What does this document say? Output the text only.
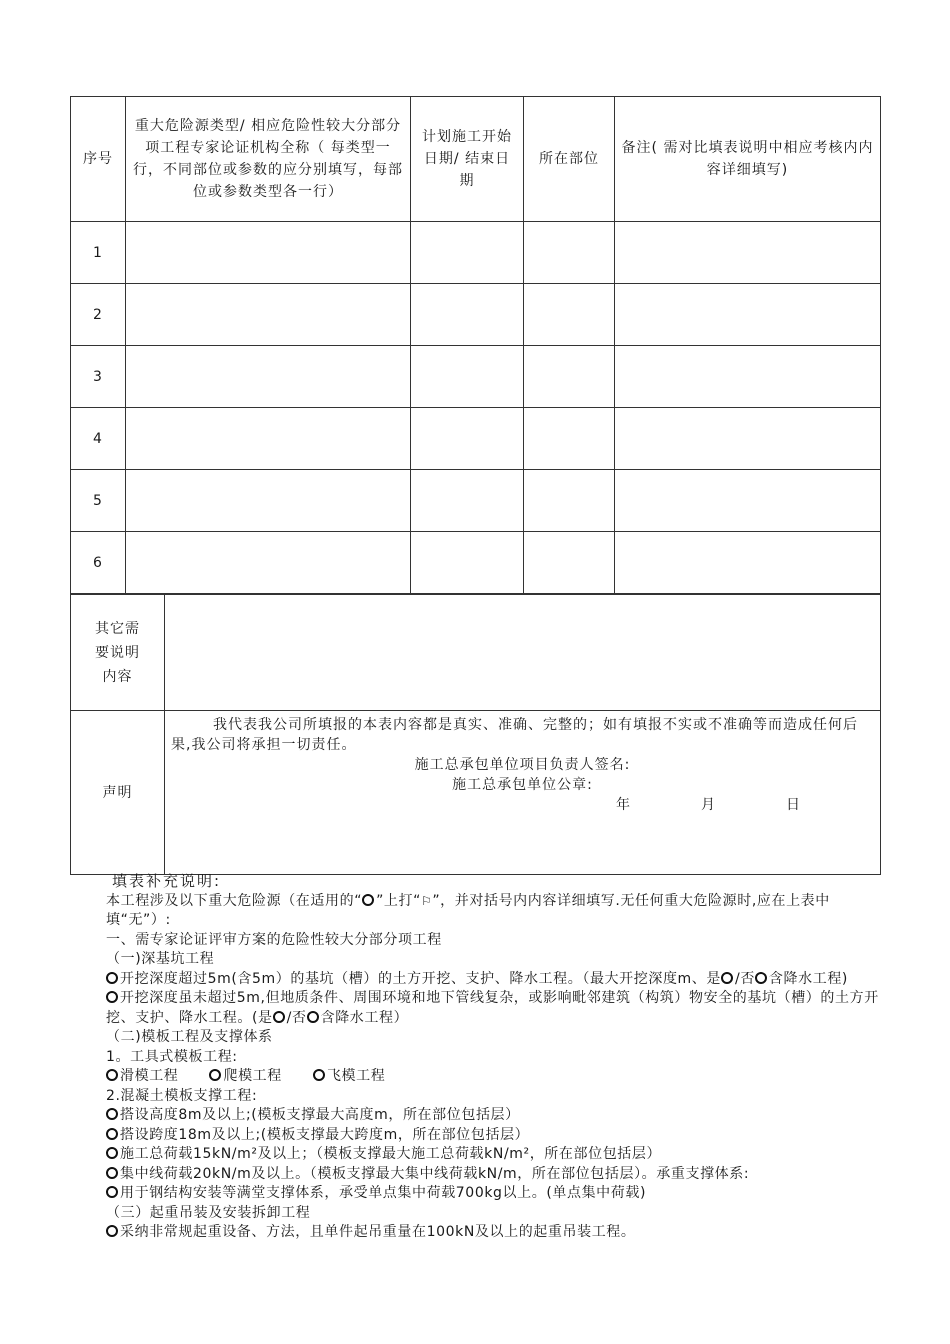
序号	重大危险源类型/ 相应危险性较大分部分项工程专家论证机构全称（ 每类型一行，不同部位或参数的应分别填写，每部位或参数类型各一行）	计划施工开始日期/ 结束日期	所在部位	备注( 需对比填表说明中相应考核内内容详细填写)
1				
2				
3				
4				
5				
6				
其它需要说明内容	
声明	我代表我公司所填报的本表内容都是真实、准确、完整的；如有填报不实或不准确等而造成任何后果,我公司将承担一切责任。
施工总承包单位项目负责人签名:
施工总承包单位公章:
年 月 日

填表补充说明:

本工程涉及以下重大危险源（在适用的“ ”上打“⚐”，并对括号内内容详细填写.无任何重大危险源时,应在上表中填“无”）:

一、需专家论证评审方案的危险性较大分部分项工程

（一)深基坑工程

开挖深度超过5m(含5m）的基坑（槽）的土方开挖、支护、降水工程。（最大开挖深度m、是 /否 含降水工程)

开挖深度虽未超过5m,但地质条件、周围环境和地下管线复杂，或影响毗邻建筑（构筑）物安全的基坑（槽）的土方开挖、支护、降水工程。(是 /否 含降水工程）

（二)模板工程及支撑体系

1。工具式模板工程:

滑模工程	爬模工程	飞模工程

2.混凝土模板支撑工程:

搭设高度8m及以上;(模板支撑最大高度m，所在部位包括层）

搭设跨度18m及以上;(模板支撑最大跨度m，所在部位包括层）

施工总荷载15kN/m²及以上；（模板支撑最大施工总荷载kN/m²，所在部位包括层）

集中线荷载20kN/m及以上。（模板支撑最大集中线荷载kN/m，所在部位包括层）。承重支撑体系:

用于钢结构安装等满堂支撑体系，承受单点集中荷载700kg以上。(单点集中荷载)

（三）起重吊装及安装拆卸工程

采纳非常规起重设备、方法，且单件起吊重量在100kN及以上的起重吊装工程。
